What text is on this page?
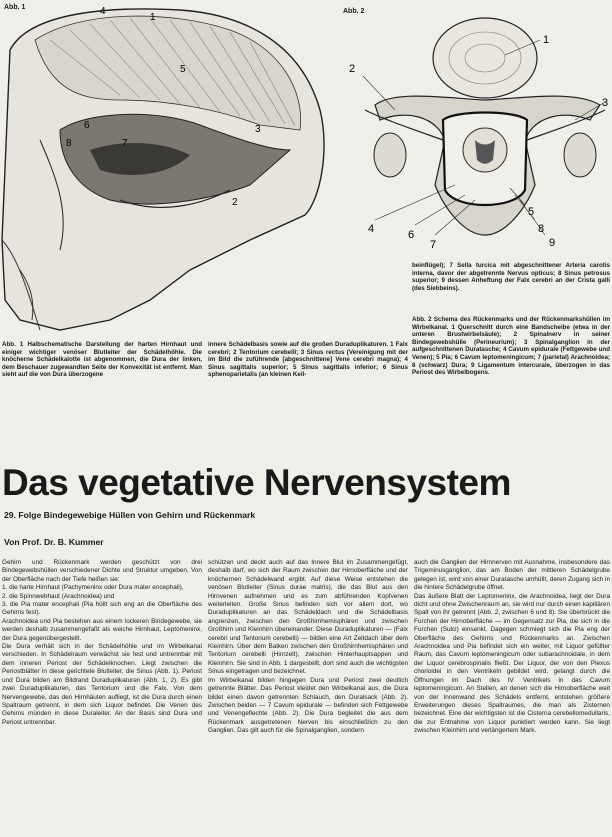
Abb. 1
1
2
3
4
5
6
7
8
Abb. 2
1
2
3
4
5
6
7
8
9
Abb. 1 Halbschematische Darstellung der harten Hirnhaut und einiger wichtiger venöser Blutleiter der Schädelhöhle. Die knöcherne Schädelkalotte ist abgenommen, die Dura der linken, dem Beschauer zugewandten Seite der Konvexität ist entfernt. Man sieht auf die von Dura überzogene
innere Schädelbasis sowie auf die großen Duraduplikaturen. 1 Falx cerebri; 2 Tentorium cerebelli; 3 Sinus rectus (Vereinigung mit der im Bild die zuführende [abgeschnittene] Vene cerebri magna); 4 Sinus sagittalis superior; 5 Sinus sagittalis inferior; 6 Sinus sphenoparietalis (an kleinen Keil-
beinflügel); 7 Sella turcica mit abgeschnittener Arteria carotis interna, davor der abgetrennte Nervus opticus; 8 Sinus petrosus superior; 9 dessen Anheftung der Falx cerebri an der Crista galli (des Siebbeins).
Abb. 2 Schema des Rückenmarks und der Rückenmarkshüllen im Wirbelkanal. 1 Querschnitt durch eine Bandscheibe (etwa in der unteren Brustwirbelsäule); 2 Spinalnerv in seiner Bindegewebshülle (Perineurium); 3 Spinalganglion in der aufgeschnittenen Duratasche; 4 Cavum epidurale (Fettgewebe und Venen); 5 Pia; 6 Cavum leptomeningicum; 7 (parietal) Arachnoidea; 8 (schwarz) Dura; 9 Ligamentum intercurale, überzogen in das Periost des Wirbelbogens.
Das vegetative Nervensystem
29. Folge Bindegewebige Hüllen von Gehirn und Rückenmark
Von Prof. Dr. B. Kummer
Gehirn und Rückenmark werden geschützt von drei Bindegewebshüllen verschiedener Dichte und Struktur umgeben. Von der Oberfläche nach der Tiefe heißen sie:
1. die harte Hirnhaut (Pachymeninx oder Dura mater encephali),
2. die Spinnwebhaut (Arachnoidea) und
3. die Pia mater encephali (Pia hüllt sich eng an die Oberfläche des Gehirns fest).
Arachnoidea und Pia bestehen aus einem lockeren Bindegewebe, sie werden deshalb zusammengefaßt als weiche Hirnhaut, Leptomeninx, der Dura gegenübergestellt.
Die Dura verhält sich in der Schädelhöhle und im Wirbelkanal verschieden. In Schädelraum verwächst sie fest und untrennbar mit dem inneren Periost der Schädelknochen. Liegt zwischen die Periostblätter in diese gerichtete Blutleiter, die Sinus (Abb. 1). Periost und Dura bilden am Bildrand Duraduplikaturen (Abb. 1, 2). Es gibt zwei Duraduplikaturen, das Tentorium und die Falx. Von dem Nervengewebe, das den Hirnhäuten aufliegt, ist die Dura durch einen Spaltraum getrennt, in dem sich Liquor befindet. Die Venen des Gehirns münden in diese Duraleiter. An der Basis sind Dura und Periost untrennbar.
schützen und deckt auch auf das Innere Blut im Zusammengefügt, deshalb darf, wo sich der Raum zwischen der Hirnoberfläche und der knöchernen Schädelwand ergibt. Auf diese Weise entstehen die venösen Blutleiter (Sinus durae matris), die das Blut aus den Hirnvenen aufnehmen und es zum abführenden Kopfvenen weiterleiten. Große Sinus befinden sich vor allem dort, wo Duraduplikaturen an das Schädeldach und die Schädelbasis angrenzen, zwischen den Großhirnhemisphären und zwischen Großhirn und Kleinhirn übereinander. Diese Duraduplikaturen — (Falx cerebri und Tentorium cerebelli) — bilden eine Art Zeltdach über dem Kleinhirn. Über dem Balken zwischen den Großhirnhemisphären und Tentorium cerebelli (Hirnzelt), zwischen Hinterhauptsappen und Kleinhirn. Sie sind in Abb. 1 dargestellt, dort sind auch die wichtigsten Sinus eingetragen und bezeichnet.
Im Wirbelkanal bilden hingegen Dura und Periost zwei deutlich getrennte Blätter. Das Periost kleidet den Wirbelkanal aus, die Dura bildet einen davon getrennten Schlauch, den Duralsack (Abb. 2). Zwischen beiden — 7 Cavum epidurale — befinden sich Fettgewebe und Venengeflechte (Abb. 2). Die Dura begleitet die aus dem Rückenmark ausgetretenen Nerven bis einschließlich zu den Ganglien. Das gilt auch für die Spinalganglien, sondern
auch die Ganglien der Hirnnerven mit Ausnahme, insbesondere das Trigeminusganglion, das am Boden der mittleren Schädelgrube gelegen ist, wird von einer Duratasche umhüllt, deren Zugang sich in die hintere Schädelgrube öffnet.
Das äußere Blatt der Leptomeninx, die Arachnoidea, liegt der Dura dicht und ohne Zwischenraum an, sie wird nur durch einen kapillären Spalt von ihr getrennt (Abb. 2, zwischen 6 und 8). Sie überbrückt die Furchen der Hirnoberfläche — im Gegensatz zur Pia, die sich in die Furchen (Sulci) einsenkt. Dagegen schmiegt sich die Pia eng der Oberfläche des Gehirns und Rückenmarks an. Zwischen Arachnoidea und Pia befindet sich ein weiter, mit Liquor gefüllter Raum, das Cavum leptomeningicum oder subarachnoidale, in dem der Liquor cerebrospinalis fließt. Der Liquor, der von den Plexus chorioidei in den Ventrikeln gebildet wird, gelangt durch die Öffnungen im Dach des IV. Ventrikels in das Cavum leptomeningicum. An Stellen, an denen sich die Hirnoberfläche weit von der Innenwand des Schädels entfernt, entstehen größere Erweiterungen dieses Spaltraumes, die man als Zisternen bezeichnet. Eine der wichtigsten ist die Cisterna cerebellomedullaris, die zur Entnahme von Liquor punktiert werden kann. Sie liegt zwischen Kleinhirn und verlängertem Mark.
